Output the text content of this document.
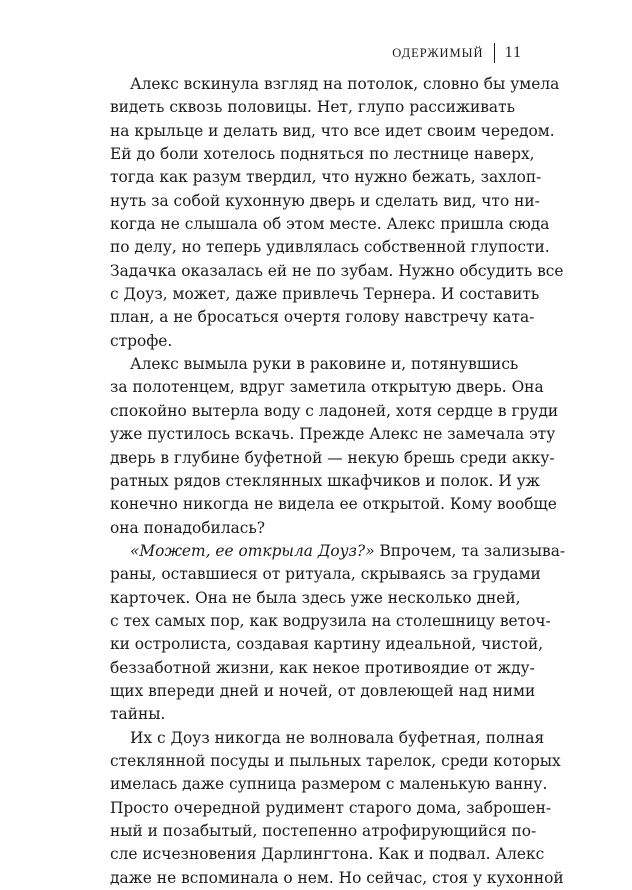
ОДЕРЖИМЫЙ 11
Алекс вскинула взгляд на потолок, словно бы умела
видеть сквозь половицы. Нет, глупо рассиживать
на крыльце и делать вид, что все идет своим чередом.
Ей до боли хотелось подняться по лестнице наверх,
тогда как разум твердил, что нужно бежать, захлоп-
нуть за собой кухонную дверь и сделать вид, что ни-
когда не слышала об этом месте. Алекс пришла сюда
по делу, но теперь удивлялась собственной глупости.
Задачка оказалась ей не по зубам. Нужно обсудить все
с Доуз, может, даже привлечь Тернера. И составить
план, а не бросаться очертя голову навстречу ката-
строфе.
Алекс вымыла руки в раковине и, потянувшись
за полотенцем, вдруг заметила открытую дверь. Она
спокойно вытерла воду с ладоней, хотя сердце в груди
уже пустилось вскачь. Прежде Алекс не замечала эту
дверь в глубине буфетной — некую брешь среди акку-
ратных рядов стеклянных шкафчиков и полок. И уж
конечно никогда не видела ее открытой. Кому вообще
она понадобилась?
«Может, ее открыла Доуз?» Впрочем, та зализыва-
раны, оставшиеся от ритуала, скрываясь за грудами
карточек. Она не была здесь уже несколько дней,
с тех самых пор, как водрузила на столешницу веточ-
ки остролиста, создавая картину идеальной, чистой,
беззаботной жизни, как некое противоядие от жду-
щих впереди дней и ночей, от довлеющей над ними
тайны.
Их с Доуз никогда не волновала буфетная, полная
стеклянной посуды и пыльных тарелок, среди которых
имелась даже супница размером с маленькую ванну.
Просто очередной рудимент старого дома, заброшен-
ный и позабытый, постепенно атрофирующийся по-
сле исчезновения Дарлингтона. Как и подвал. Алекс
даже не вспоминала о нем. Но сейчас, стоя у кухонной
